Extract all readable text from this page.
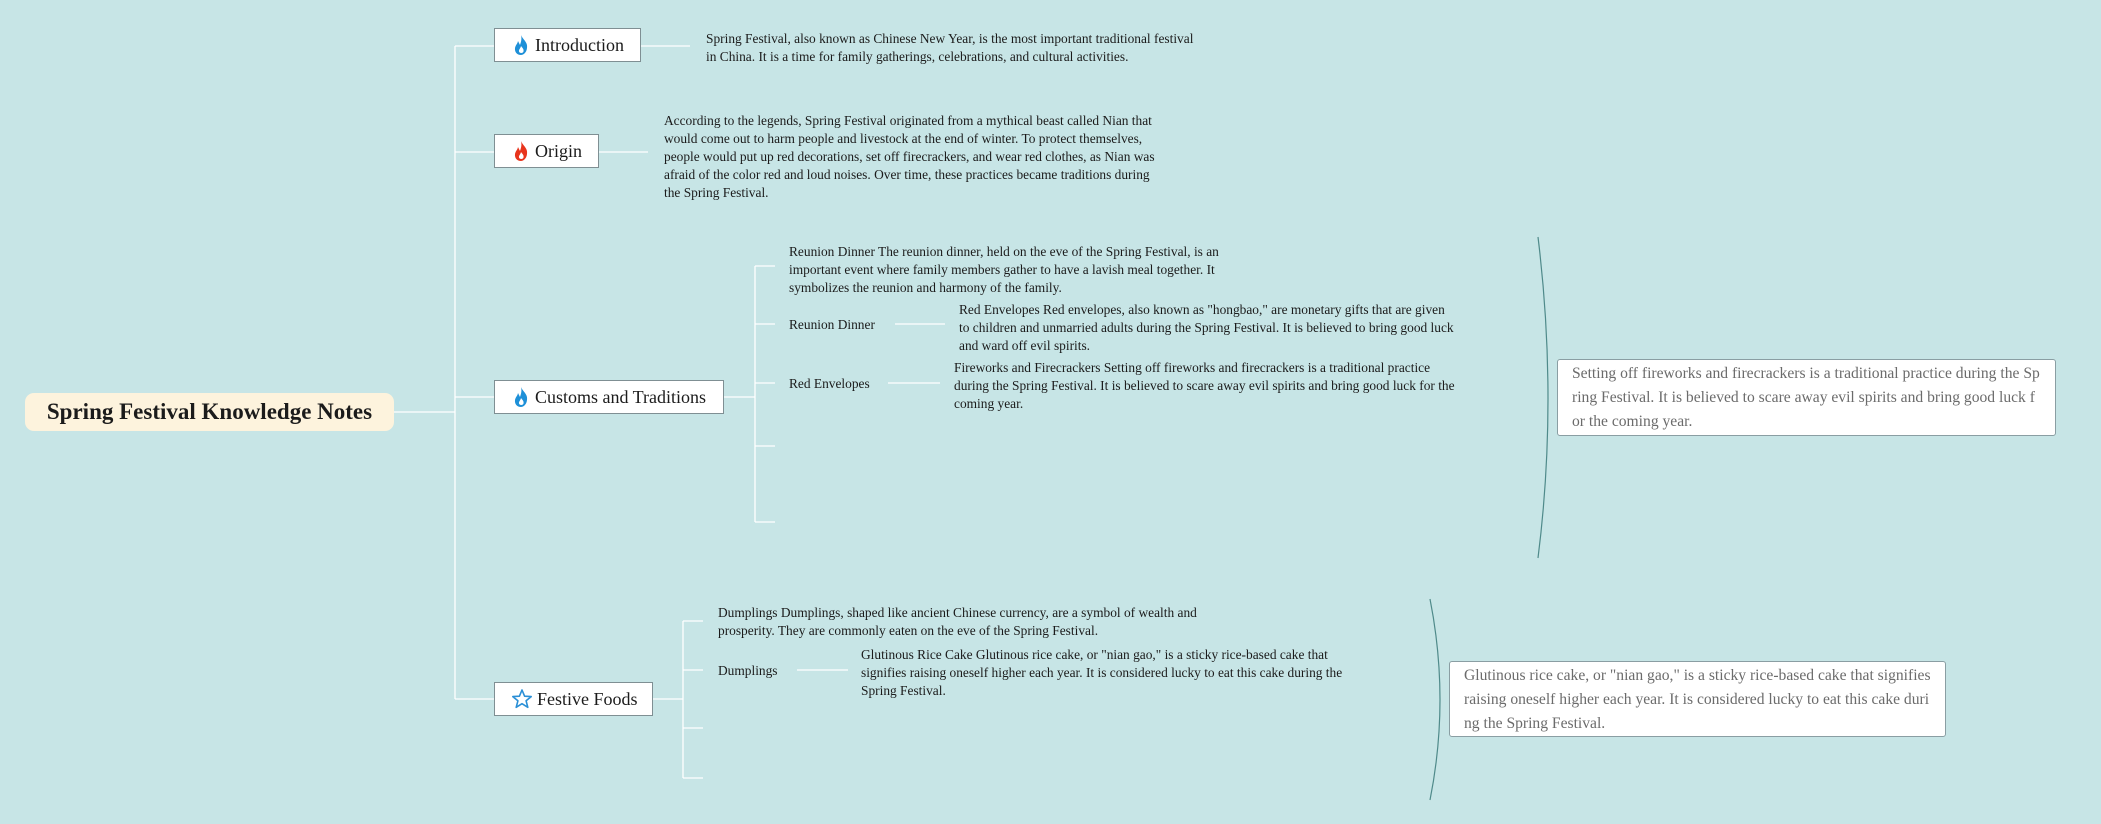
Spring Festival Knowledge Notes
Introduction	Spring Festival, also known as Chinese New Year, is the most important traditional festival in China. It is a time for family gatherings, celebrations, and cultural activities.
Origin
According to the legends, Spring Festival originated from a mythical beast called Nian that would come out to harm people and livestock at the end of winter. To protect themselves, people would put up red decorations, set off firecrackers, and wear red clothes, as Nian was afraid of the color red and loud noises. Over time, these practices became traditions during the Spring Festival.
Customs and Traditions
Reunion Dinner The reunion dinner, held on the eve of the Spring Festival, is an important event where family members gather to have a lavish meal together. It symbolizes the reunion and harmony of the family.
Reunion Dinner
Red Envelopes Red envelopes, also known as "hongbao," are monetary gifts that are given to children and unmarried adults during the Spring Festival. It is believed to bring good luck and ward off evil spirits.
Red Envelopes
Fireworks and Firecrackers Setting off fireworks and firecrackers is a traditional practice during the Spring Festival. It is believed to scare away evil spirits and bring good luck for the coming year.
Setting off fireworks and firecrackers is a traditional practice during the Spring Festival. It is believed to scare away evil spirits and bring good luck for the coming year.
Festive Foods
Dumplings Dumplings, shaped like ancient Chinese currency, are a symbol of wealth and prosperity. They are commonly eaten on the eve of the Spring Festival.
Dumplings
Glutinous Rice Cake Glutinous rice cake, or "nian gao," is a sticky rice-based cake that signifies raising oneself higher each year. It is considered lucky to eat this cake during the Spring Festival.
Glutinous rice cake, or "nian gao," is a sticky rice-based cake that signifies raising oneself higher each year. It is considered lucky to eat this cake during the Spring Festival.
